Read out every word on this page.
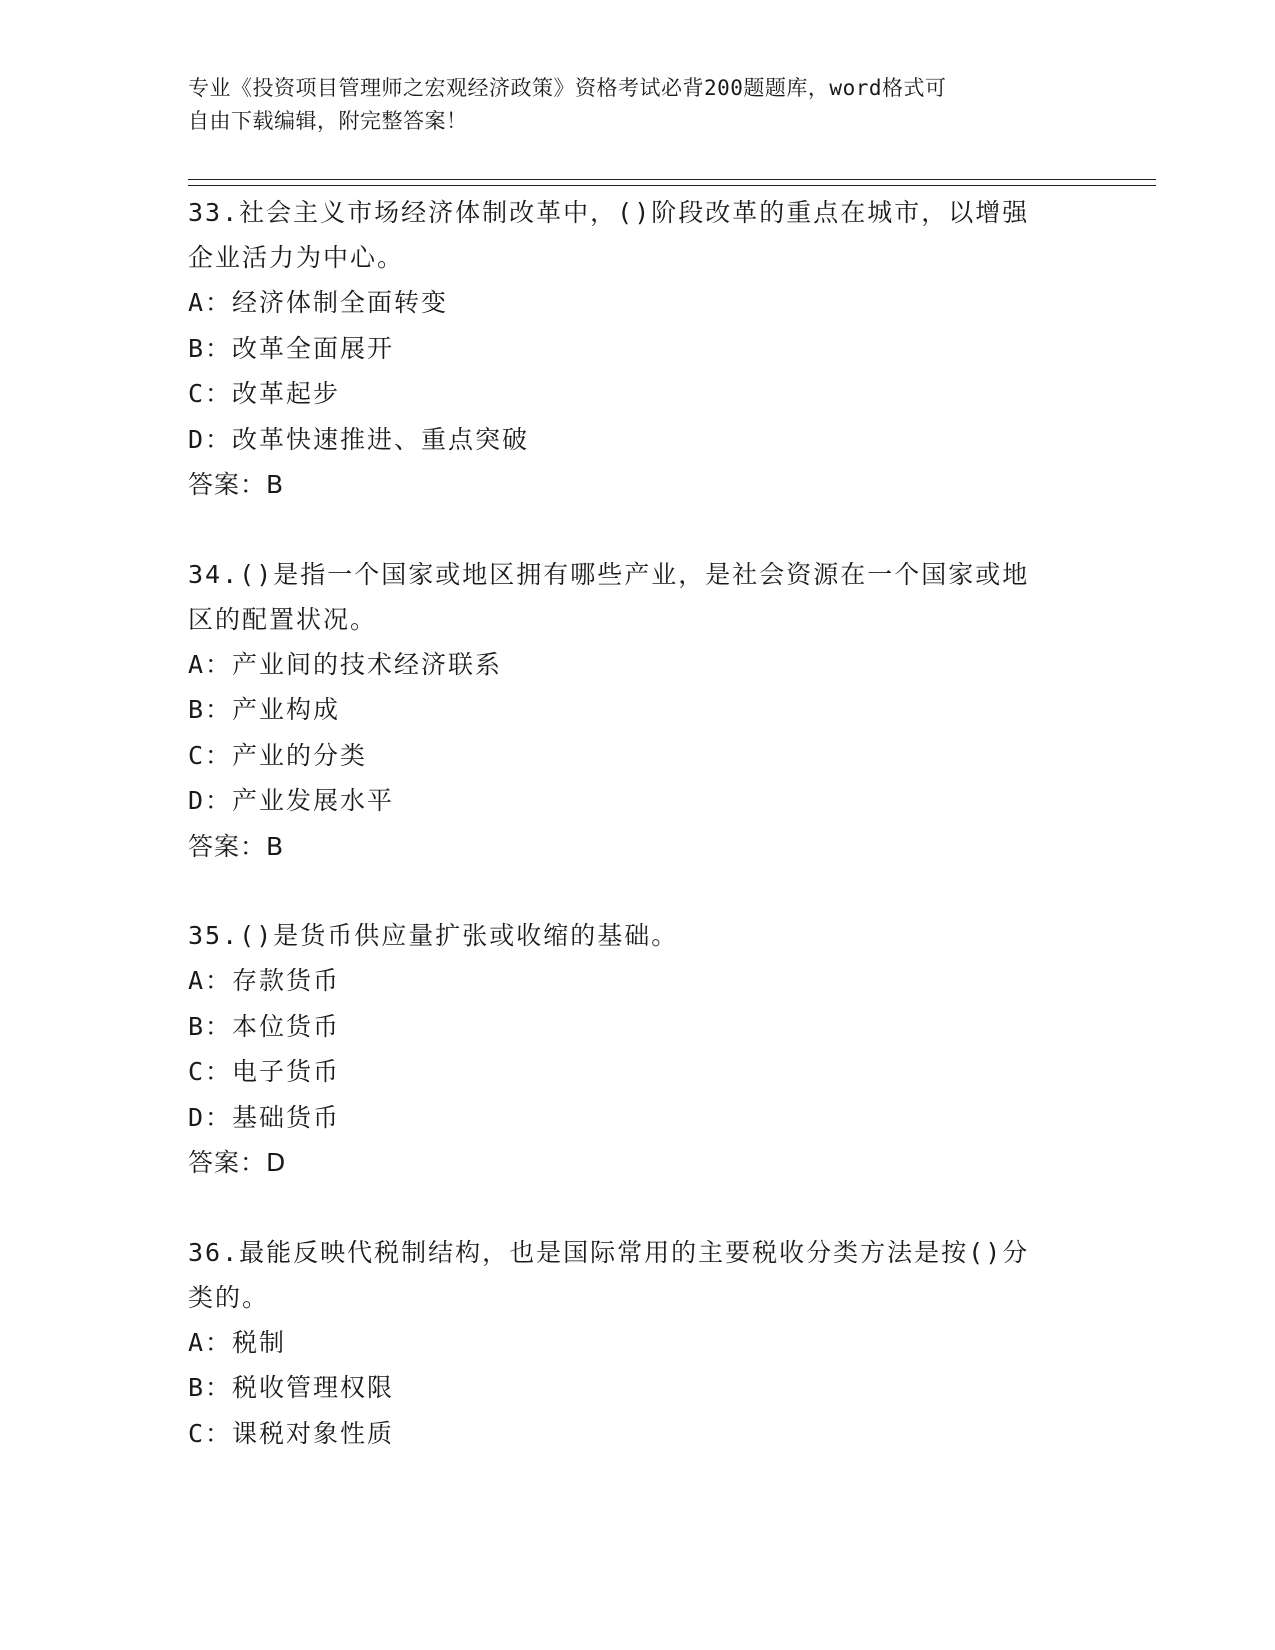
专业《投资项目管理师之宏观经济政策》资格考试必背200题题库，word格式可
自由下载编辑，附完整答案！

33.社会主义市场经济体制改革中，()阶段改革的重点在城市，以增强

企业活力为中心。

A：经济体制全面转变

B：改革全面展开

C：改革起步

D：改革快速推进、重点突破

答案：B

34.()是指一个国家或地区拥有哪些产业，是社会资源在一个国家或地

区的配置状况。

A：产业间的技术经济联系

B：产业构成

C：产业的分类

D：产业发展水平

答案：B

35.()是货币供应量扩张或收缩的基础。

A：存款货币

B：本位货币

C：电子货币

D：基础货币

答案：D

36.最能反映代税制结构，也是国际常用的主要税收分类方法是按()分

类的。

A：税制

B：税收管理权限

C：课税对象性质
